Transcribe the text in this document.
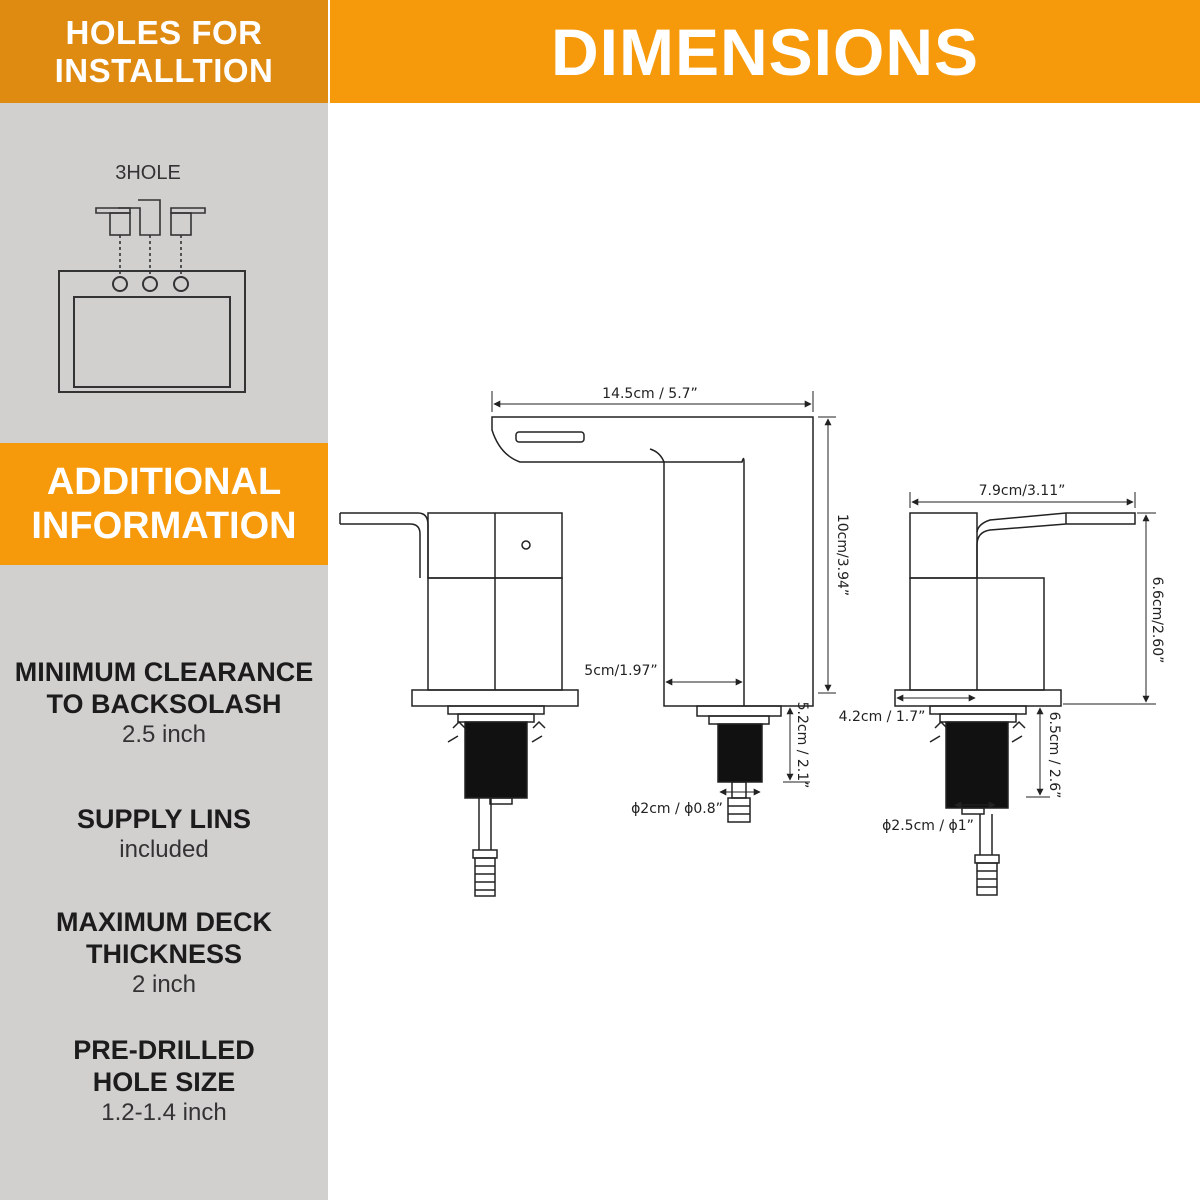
HOLES FOR
INSTALLTION	DIMENSIONS
ADDITIONAL
INFORMATION
MINIMUM CLEARANCE
TO BACKSOLASH
2.5 inch
SUPPLY LINS
included
MAXIMUM DECK
THICKNESS
2 inch
PRE-DRILLED
HOLE SIZE
1.2-1.4 inch
3HOLE
14.5cm / 5.7”
10cm/3.94”
5cm/1.97”
5.2cm / 2.1”
ϕ2cm / ϕ0.8”
7.9cm/3.11”
6.6cm/2.60”
4.2cm / 1.7”	6.5cm / 2.6”
ϕ2.5cm / ϕ1”
